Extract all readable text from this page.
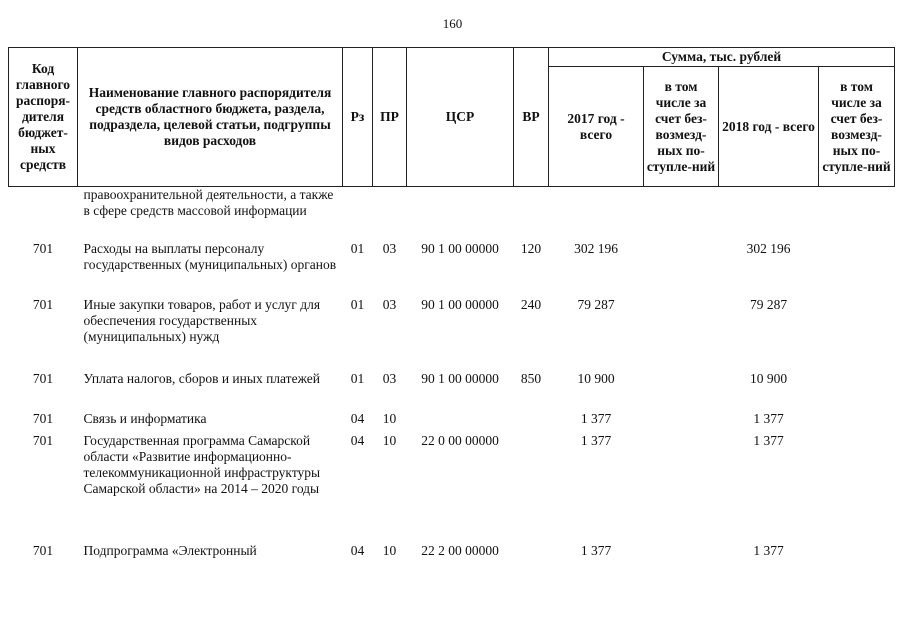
160
Код главного распоря-дителя бюджет-ных средств	Наименование главного распорядителя средств областного бюджета, раздела, подраздела, целевой статьи, подгруппы видов расходов	Рз	ПР	ЦСР	ВР	Сумма, тыс. рублей			
						2017 год - всего	в том числе за счет без-возмезд-ных по-ступле-ний	2018 год - всего	в том числе за счет без-возмезд-ных по-ступле-ний
	правоохранительной деятельности, а также в сфере средств массовой информации								
701	Расходы на выплаты персоналу государственных (муниципальных) органов	01	03	90 1 00 00000	120	302 196		302 196	
701	Иные закупки товаров, работ и услуг для обеспечения государственных (муниципальных) нужд	01	03	90 1 00 00000	240	79 287		79 287	
701	Уплата налогов, сборов и иных платежей	01	03	90 1 00 00000	850	10 900		10 900	
701	Связь и информатика	04	10			1 377		1 377	
701	Государственная программа Самарской области «Развитие информационно-телекоммуникационной инфраструктуры Самарской области» на 2014 – 2020 годы	04	10	22 0 00 00000		1 377		1 377	
701	Подпрограмма «Электронный	04	10	22 2 00 00000		1 377		1 377	
